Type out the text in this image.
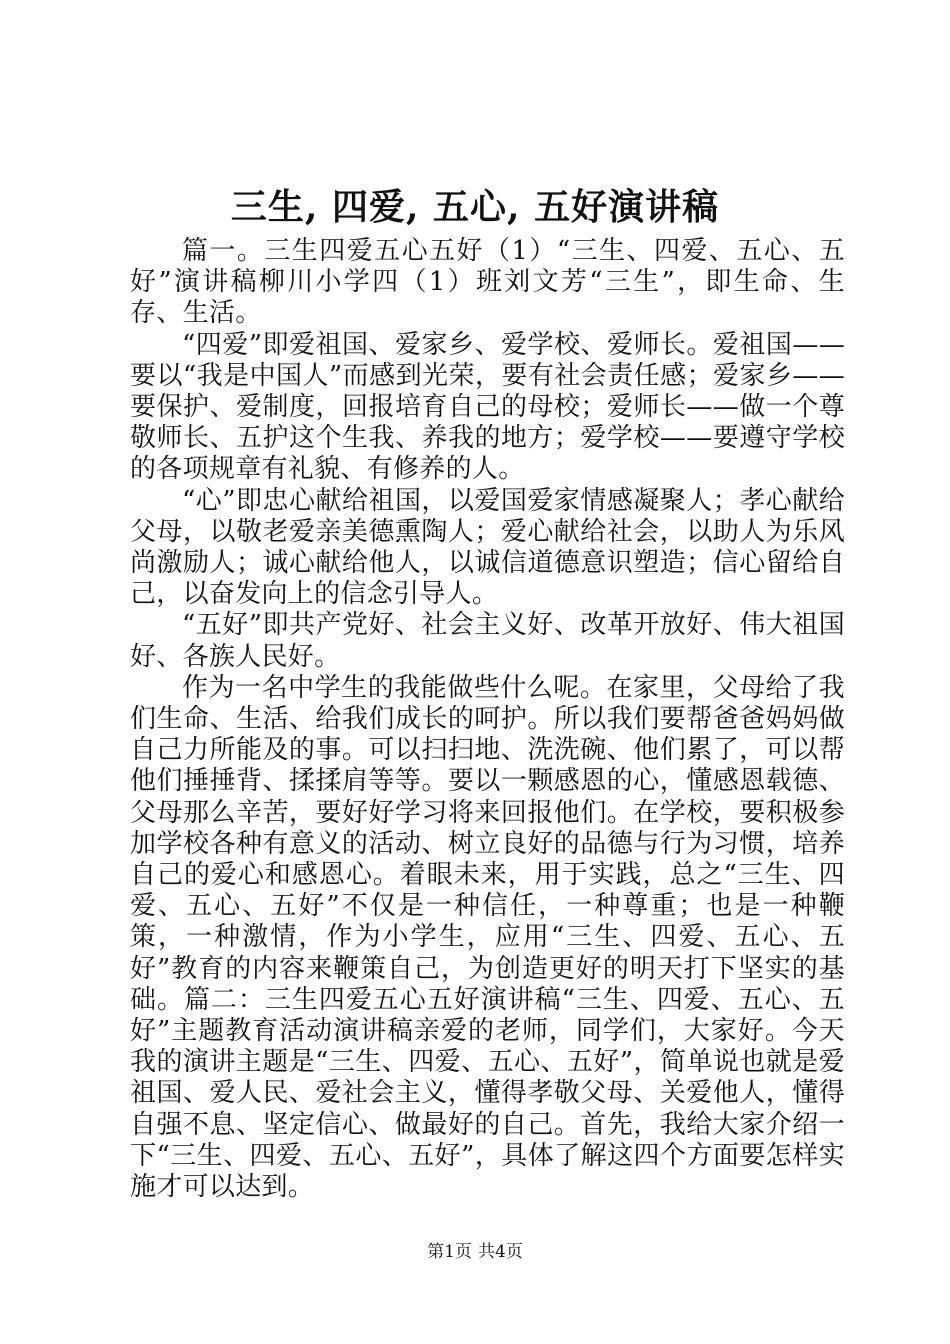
三生, 四爱, 五心, 五好演讲稿

篇一。三生四爱五心五好（1）“三生、四爱、五心、五好”演讲稿柳川小学四（1）班刘文芳“三生”，即生命、生存、生活。

“四爱”即爱祖国、爱家乡、爱学校、爱师长。爱祖国——要以“我是中国人”而感到光荣，要有社会责任感；爱家乡——要保护、爱制度，回报培育自己的母校；爱师长——做一个尊敬师长、五护这个生我、养我的地方；爱学校——要遵守学校的各项规章有礼貌、有修养的人。

“心”即忠心献给祖国，以爱国爱家情感凝聚人；孝心献给父母，以敬老爱亲美德熏陶人；爱心献给社会，以助人为乐风尚激励人；诚心献给他人，以诚信道德意识塑造；信心留给自己，以奋发向上的信念引导人。

“五好”即共产党好、社会主义好、改革开放好、伟大祖国好、各族人民好。

作为一名中学生的我能做些什么呢。在家里，父母给了我们生命、生活、给我们成长的呵护。所以我们要帮爸爸妈妈做自己力所能及的事。可以扫扫地、洗洗碗、他们累了，可以帮他们捶捶背、揉揉肩等等。要以一颗感恩的心，懂感恩载德、父母那么辛苦，要好好学习将来回报他们。在学校，要积极参加学校各种有意义的活动、树立良好的品德与行为习惯，培养自己的爱心和感恩心。着眼未来，用于实践，总之“三生、四爱、五心、五好”不仅是一种信任，一种尊重；也是一种鞭策，一种激情，作为小学生，应用“三生、四爱、五心、五好”教育的内容来鞭策自己，为创造更好的明天打下坚实的基础。篇二：三生四爱五心五好演讲稿“三生、四爱、五心、五好”主题教育活动演讲稿亲爱的老师，同学们，大家好。今天我的演讲主题是“三生、四爱、五心、五好”，简单说也就是爱祖国、爱人民、爱社会主义，懂得孝敬父母、关爱他人，懂得自强不息、坚定信心、做最好的自己。首先，我给大家介绍一下“三生、四爱、五心、五好”，具体了解这四个方面要怎样实施才可以达到。

第1页 共4页
